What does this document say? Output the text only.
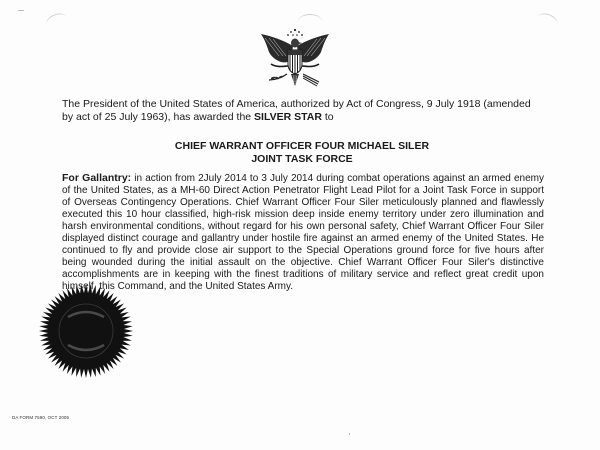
The President of the United States of America, authorized by Act of Congress, 9 July 1918 (amended by act of 25 July 1963), has awarded the SILVER STAR to
CHIEF WARRANT OFFICER FOUR MICHAEL SILER
JOINT TASK FORCE
For Gallantry: in action from 2July 2014 to 3 July 2014 during combat operations against an armed enemy of the United States, as a MH-60 Direct Action Penetrator Flight Lead Pilot for a Joint Task Force in support of Overseas Contingency Operations. Chief Warrant Officer Four Siler meticulously planned and flawlessly executed this 10 hour classified, high-risk mission deep inside enemy territory under zero illumination and harsh environmental conditions, without regard for his own personal safety, Chief Warrant Officer Four Siler displayed distinct courage and gallantry under hostile fire against an armed enemy of the United States. He continued to fly and provide close air support to the Special Operations ground force for five hours after being wounded during the initial assault on the objective. Chief Warrant Officer Four Siler's distinctive accomplishments are in keeping with the finest traditions of military service and reflect great credit upon himself, this Command, and the United States Army.
DA FORM 7590, OCT 2005
